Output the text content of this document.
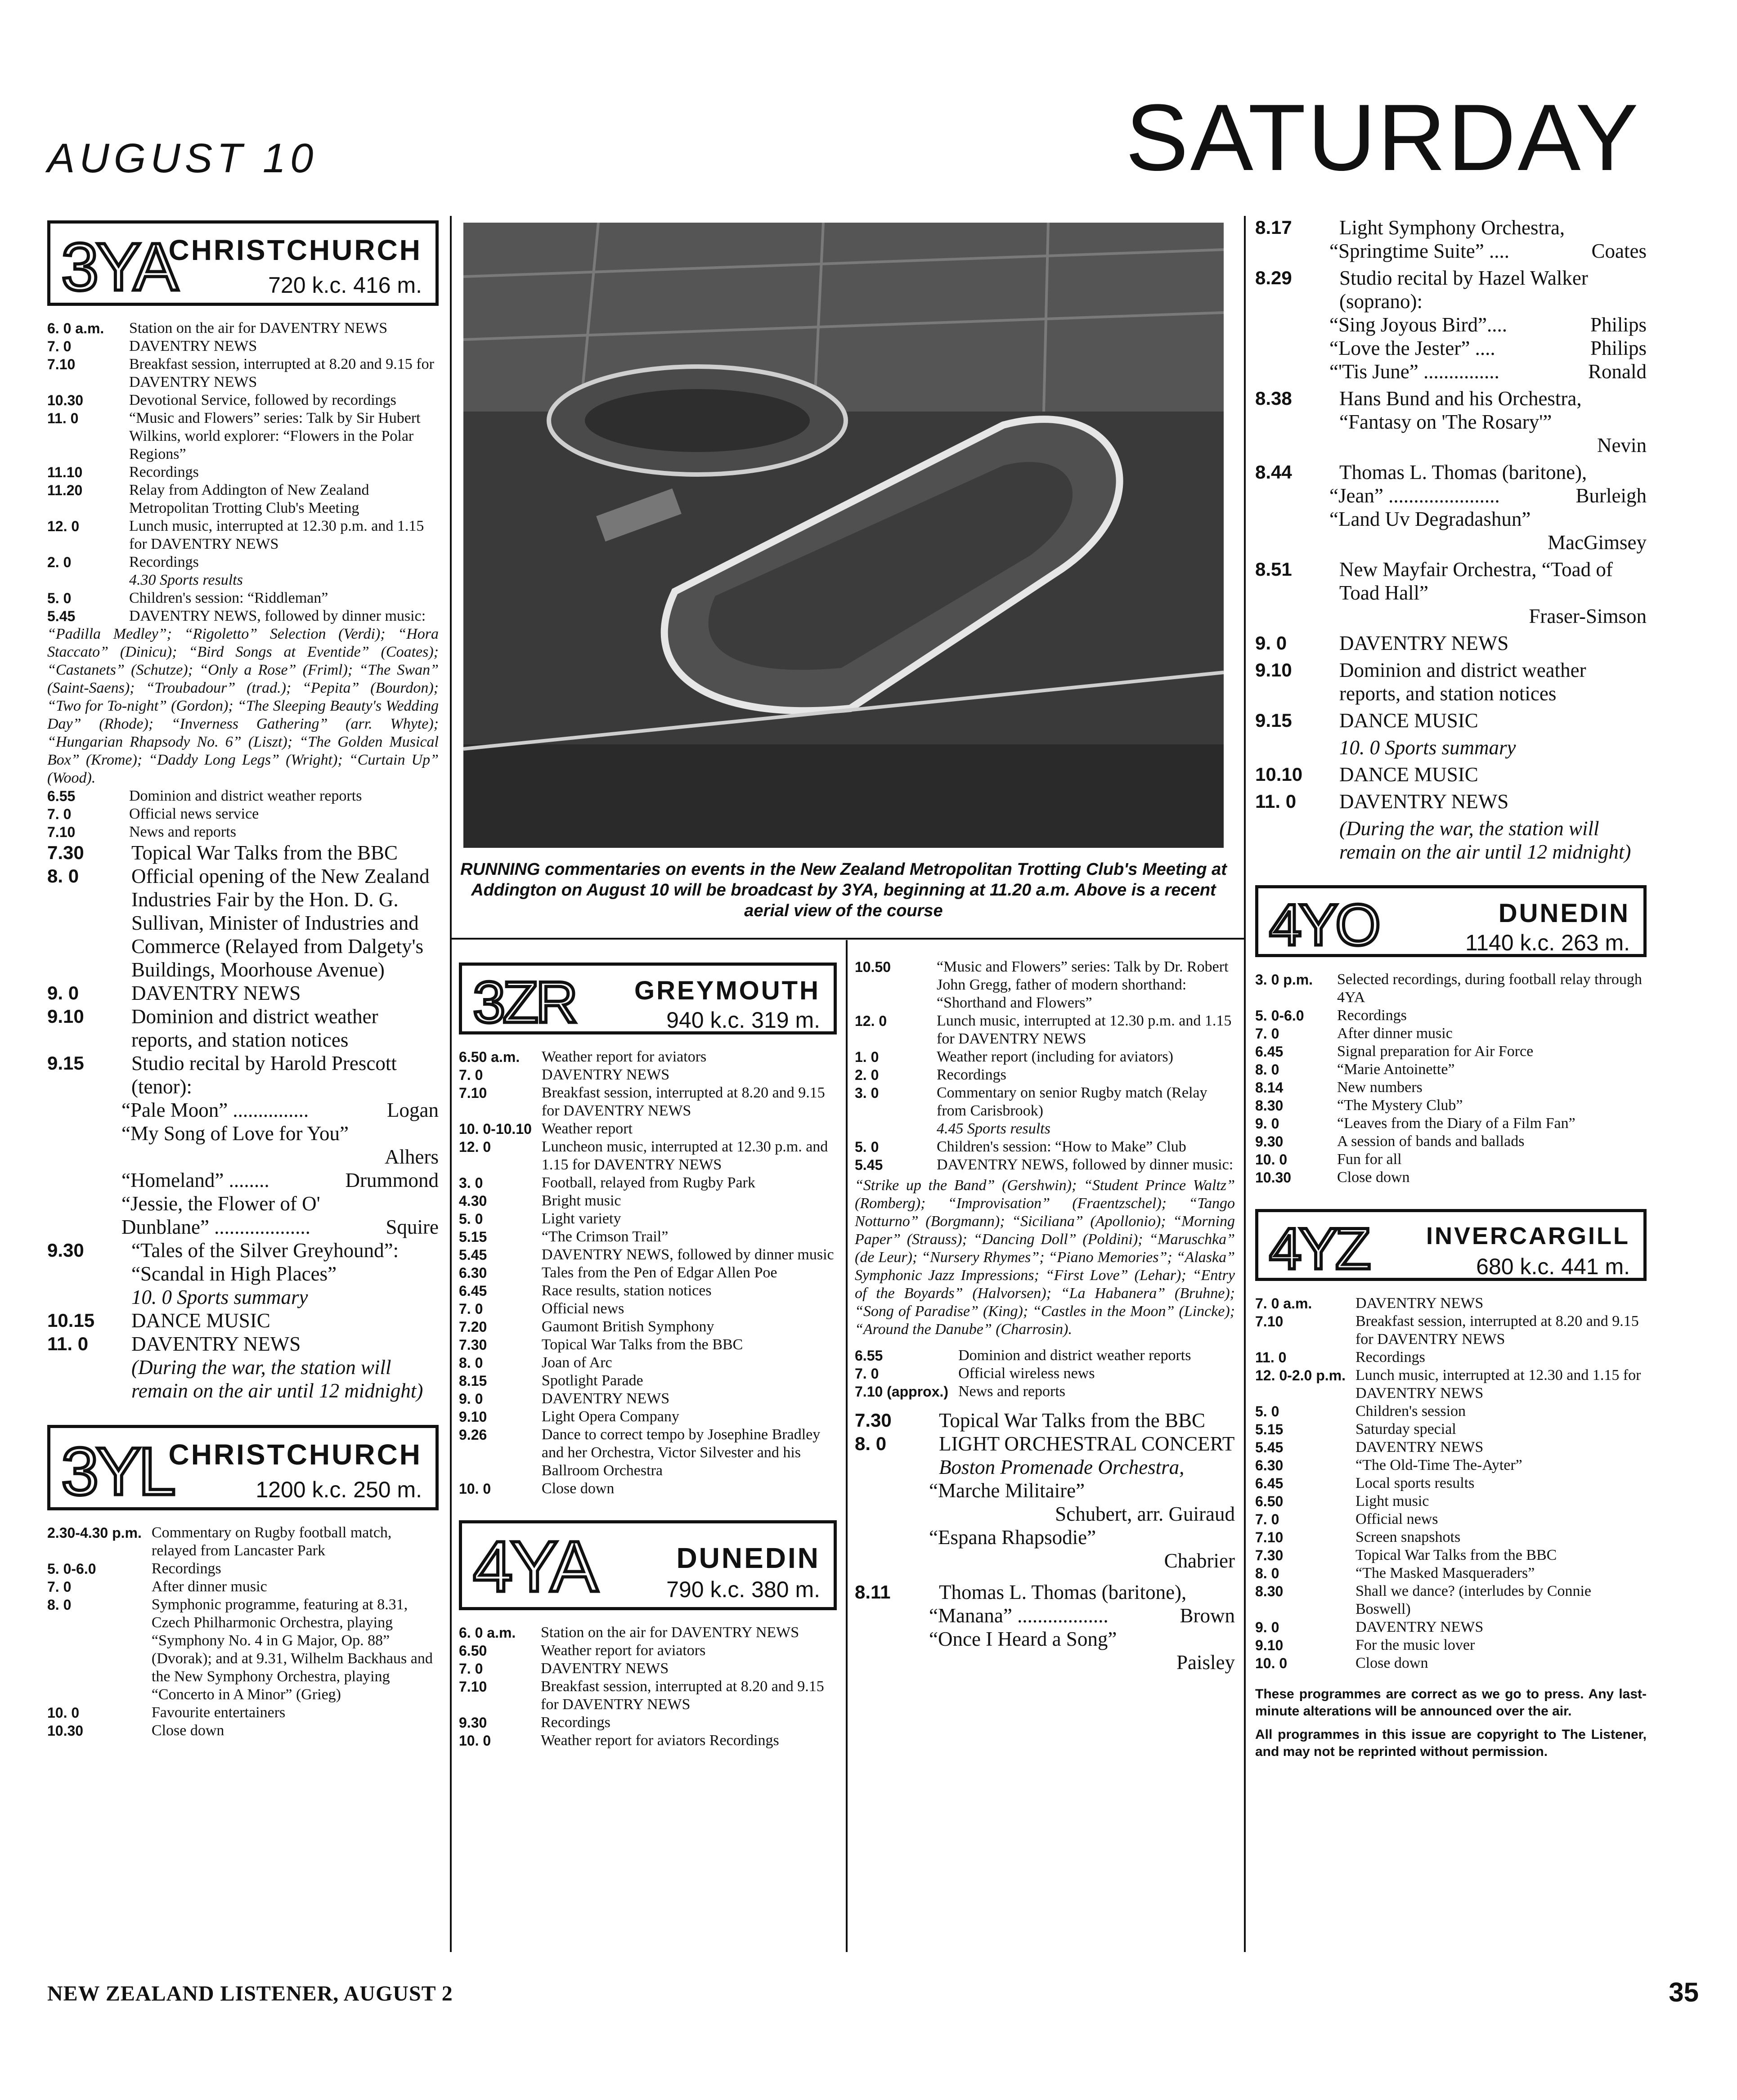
AUGUST 10	SATURDAY
3YA
CHRISTCHURCH
720 k.c. 416 m.
6. 0 a.m.	Station on the air for DAVENTRY NEWS
7. 0	DAVENTRY NEWS
7.10	Breakfast session, interrupted at 8.20 and 9.15 for DAVENTRY NEWS
10.30	Devotional Service, followed by recordings
11. 0	“Music and Flowers” series: Talk by Sir Hubert Wilkins, world explorer: “Flowers in the Polar Regions”
11.10	Recordings
11.20	Relay from Addington of New Zealand Metropolitan Trotting Club's Meeting
12. 0	Lunch music, interrupted at 12.30 p.m. and 1.15 for DAVENTRY NEWS
2. 0	Recordings
	4.30 Sports results
5. 0	Children's session: “Riddleman”
5.45	DAVENTRY NEWS, followed by dinner music:
“Padilla Medley”; “Rigoletto” Selection (Verdi); “Hora Staccato” (Dinicu); “Bird Songs at Eventide” (Coates); “Castanets” (Schutze); “Only a Rose” (Friml); “The Swan” (Saint-Saens); “Troubadour” (trad.); “Pepita” (Bourdon); “Two for To-night” (Gordon); “The Sleeping Beauty's Wedding Day” (Rhode); “Inverness Gathering” (arr. Whyte); “Hungarian Rhapsody No. 6” (Liszt); “The Golden Musical Box” (Krome); “Daddy Long Legs” (Wright); “Curtain Up” (Wood).
6.55	Dominion and district weather reports
7. 0	Official news service
7.10	News and reports
7.30	Topical War Talks from the BBC
8. 0	Official opening of the New Zealand Industries Fair by the Hon. D. G. Sullivan, Minister of Industries and Commerce (Relayed from Dalgety's Buildings, Moorhouse Avenue)
9. 0	DAVENTRY NEWS
9.10	Dominion and district weather reports, and station notices
9.15	Studio recital by Harold Prescott (tenor):
“Pale Moon” ...............	Logan
“My Song of Love for You”
Alhers
“Homeland” ........	Drummond
“Jessie, the Flower of O'
Dunblane” ...................	Squire
9.30	“Tales of the Silver Greyhound”: “Scandal in High Places”
	10. 0 Sports summary
10.15	DANCE MUSIC
11. 0	DAVENTRY NEWS
	(During the war, the station will remain on the air until 12 midnight)
3YL
CHRISTCHURCH
1200 k.c. 250 m.
2.30-4.30 p.m.	Commentary on Rugby football match, relayed from Lancaster Park
5. 0-6.0	Recordings
7. 0	After dinner music
8. 0	Symphonic programme, featuring at 8.31, Czech Philharmonic Orchestra, playing “Symphony No. 4 in G Major, Op. 88” (Dvorak); and at 9.31, Wilhelm Backhaus and the New Symphony Orchestra, playing “Concerto in A Minor” (Grieg)
10. 0	Favourite entertainers
10.30	Close down
RUNNING commentaries on events in the New Zealand Metropolitan Trotting Club's Meeting at Addington on August 10 will be broadcast by 3YA, beginning at 11.20 a.m. Above is a recent aerial view of the course
3ZR GREYMOUTH
940 k.c. 319 m.
6.50 a.m.	Weather report for aviators
7. 0	DAVENTRY NEWS
7.10	Breakfast session, interrupted at 8.20 and 9.15 for DAVENTRY NEWS
10. 0-10.10	Weather report
12. 0	Luncheon music, interrupted at 12.30 p.m. and 1.15 for DAVENTRY NEWS
3. 0	Football, relayed from Rugby Park
4.30	Bright music
5. 0	Light variety
5.15	“The Crimson Trail”
5.45	DAVENTRY NEWS, followed by dinner music
6.30	Tales from the Pen of Edgar Allen Poe
6.45	Race results, station notices
7. 0	Official news
7.20	Gaumont British Symphony
7.30	Topical War Talks from the BBC
8. 0	Joan of Arc
8.15	Spotlight Parade
9. 0	DAVENTRY NEWS
9.10	Light Opera Company
9.26	Dance to correct tempo by Josephine Bradley and her Orchestra, Victor Silvester and his Ballroom Orchestra
10. 0	Close down
4YA	DUNEDIN
790 k.c. 380 m.
6. 0 a.m.	Station on the air for DAVENTRY NEWS
6.50	Weather report for aviators
7. 0	DAVENTRY NEWS
7.10	Breakfast session, interrupted at 8.20 and 9.15 for DAVENTRY NEWS
9.30	Recordings
10. 0	Weather report for aviators Recordings
10.50	“Music and Flowers” series: Talk by Dr. Robert John Gregg, father of modern shorthand: “Shorthand and Flowers”
12. 0	Lunch music, interrupted at 12.30 p.m. and 1.15 for DAVENTRY NEWS
1. 0	Weather report (including for aviators)
2. 0	Recordings
3. 0	Commentary on senior Rugby match (Relay from Carisbrook)
	4.45 Sports results
5. 0	Children's session: “How to Make” Club
5.45	DAVENTRY NEWS, followed by dinner music:
“Strike up the Band” (Gershwin); “Student Prince Waltz” (Romberg); “Improvisation” (Fraentzschel); “Tango Notturno” (Borgmann); “Siciliana” (Apollonio); “Morning Paper” (Strauss); “Dancing Doll” (Poldini); “Maruschka” (de Leur); “Nursery Rhymes”; “Piano Memories”; “Alaska” Symphonic Jazz Impressions; “First Love” (Lehar); “Entry of the Boyards” (Halvorsen); “La Habanera” (Bruhne); “Song of Paradise” (King); “Castles in the Moon” (Lincke); “Around the Danube” (Charrosin).
6.55	Dominion and district weather reports
7. 0	Official wireless news
7.10 (approx.)	News and reports
7.30	Topical War Talks from the BBC
8. 0	LIGHT ORCHESTRAL CONCERT
	Boston Promenade Orchestra,
“Marche Militaire”
Schubert, arr. Guiraud
“Espana Rhapsodie”
Chabrier
8.11	Thomas L. Thomas (baritone),
“Manana” ..................	Brown
“Once I Heard a Song”
Paisley
8.17	Light Symphony Orchestra,
“Springtime Suite” ....	Coates
8.29	Studio recital by Hazel Walker (soprano):
“Sing Joyous Bird”....	Philips
“Love the Jester” ....	Philips
“'Tis June” ...............	Ronald
8.38	Hans Bund and his Orchestra, “Fantasy on 'The Rosary'”
Nevin
8.44	Thomas L. Thomas (baritone),
“Jean” ......................	Burleigh
“Land Uv Degradashun”
MacGimsey
8.51	New Mayfair Orchestra, “Toad of Toad Hall”
Fraser-Simson
9. 0	DAVENTRY NEWS
9.10	Dominion and district weather reports, and station notices
9.15	DANCE MUSIC
	10. 0 Sports summary
10.10	DANCE MUSIC
11. 0	DAVENTRY NEWS
	(During the war, the station will remain on the air until 12 midnight)
4YO	DUNEDIN
1140 k.c. 263 m.
3. 0 p.m.	Selected recordings, during football relay through 4YA
5. 0-6.0	Recordings
7. 0	After dinner music
6.45	Signal preparation for Air Force
8. 0	“Marie Antoinette”
8.14	New numbers
8.30	“The Mystery Club”
9. 0	“Leaves from the Diary of a Film Fan”
9.30	A session of bands and ballads
10. 0	Fun for all
10.30	Close down
4YZ INVERCARGILL
680 k.c. 441 m.
7. 0 a.m.	DAVENTRY NEWS
7.10	Breakfast session, interrupted at 8.20 and 9.15 for DAVENTRY NEWS
11. 0	Recordings
12. 0-2.0 p.m.	Lunch music, interrupted at 12.30 and 1.15 for DAVENTRY NEWS
5. 0	Children's session
5.15	Saturday special
5.45	DAVENTRY NEWS
6.30	“The Old-Time The-Ayter”
6.45	Local sports results
6.50	Light music
7. 0	Official news
7.10	Screen snapshots
7.30	Topical War Talks from the BBC
8. 0	“The Masked Masqueraders”
8.30	Shall we dance? (interludes by Connie Boswell)
9. 0	DAVENTRY NEWS
9.10	For the music lover
10. 0	Close down
These programmes are correct as we go to press. Any last-minute alterations will be announced over the air.
All programmes in this issue are copyright to The Listener, and may not be reprinted without permission.
NEW ZEALAND LISTENER, AUGUST 2	35
